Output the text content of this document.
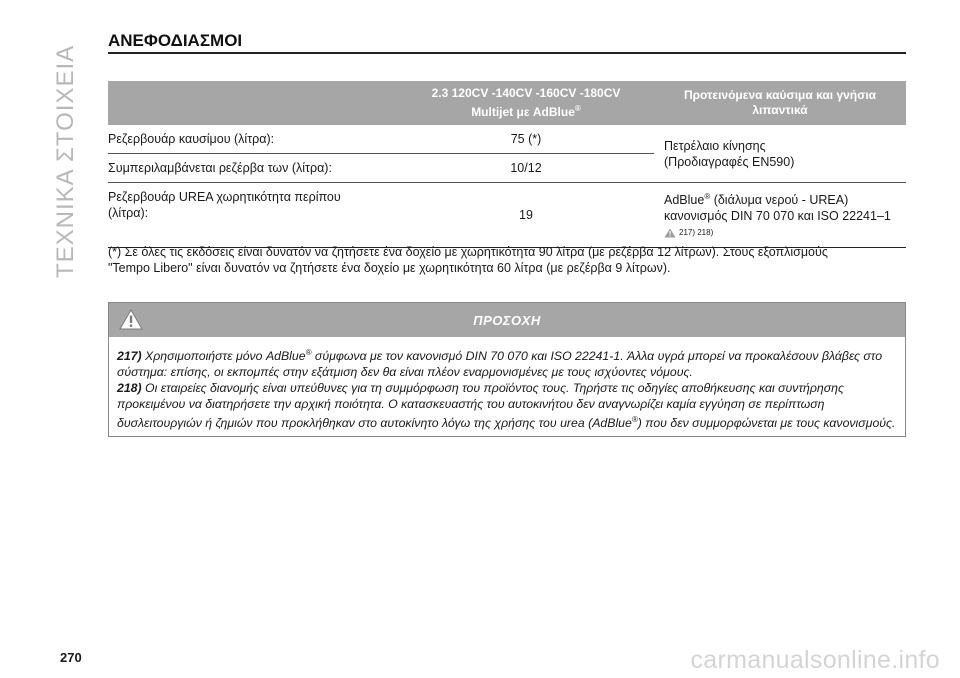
ΤΕΧΝΙΚΑ ΣΤΟΙΧΕΙΑ
ΑΝΕΦΟΔΙΑΣΜΟΙ
	2.3 120CV -140CV -160CV -180CV
Multijet με AdBlue®	Προτεινόμενα καύσιμα και γνήσια
λιπαντικά
Ρεζερβουάρ καυσίμου (λίτρα):	75 (*)	Πετρέλαιο κίνησης
(Προδιαγραφές EN590)
Συμπεριλαμβάνεται ρεζέρβα των (λίτρα):	10/12	
Ρεζερβουάρ UREA χωρητικότητα περίπου
(λίτρα):	19	AdBlue® (διάλυμα νερού - UREA)
κανονισμός DIN 70 070 και ISO 22241–1
217) 218)
(*) Σε όλες τις εκδόσεις είναι δυνατόν να ζητήσετε ένα δοχείο με χωρητικότητα 90 λίτρα (με ρεζέρβα 12 λίτρων). Στους εξοπλισμούς
"Tempo Libero" είναι δυνατόν να ζητήσετε ένα δοχείο με χωρητικότητα 60 λίτρα (με ρεζέρβα 9 λίτρων).
ΠΡΟΣΟΧΗ

217) Χρησιμοποιήστε μόνο AdBlue® σύμφωνα με τον κανονισμό DIN 70 070 και ISO 22241-1. Άλλα υγρά μπορεί να προκαλέσουν βλάβες στο σύστημα: επίσης, οι εκπομπές στην εξάτμιση δεν θα είναι πλέον εναρμονισμένες με τους ισχύοντες νόμους.

218) Οι εταιρείες διανομής είναι υπεύθυνες για τη συμμόρφωση του προϊόντος τους. Τηρήστε τις οδηγίες αποθήκευσης και συντήρησης προκειμένου να διατηρήσετε την αρχική ποιότητα. Ο κατασκευαστής του αυτοκινήτου δεν αναγνωρίζει καμία εγγύηση σε περίπτωση δυσλειτουργιών ή ζημιών που προκλήθηκαν στο αυτοκίνητο λόγω της χρήσης του urea (AdBlue®) που δεν συμμορφώνεται με τους κανονισμούς.

270	carmanualsonline.info
